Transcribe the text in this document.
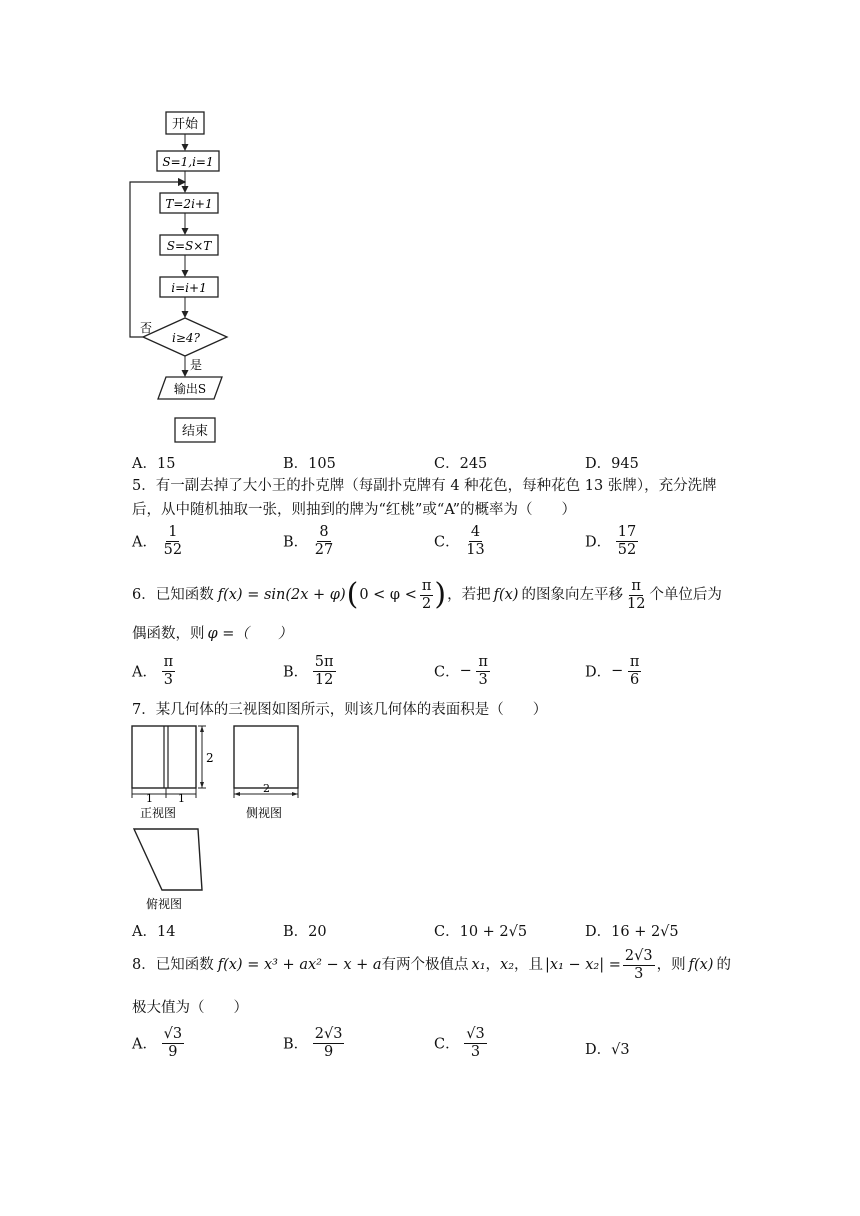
开始
S=1,i=1
T=2i+1
S=S×T
i=i+1
i≥4?
否
是
输出S
结束
A．15	B．105	C．245	D．945
5．有一副去掉了大小王的扑克牌（每副扑克牌有 4 种花色，每种花色 13 张牌），充分洗牌
后，从中随机抽取一张，则抽到的牌为“红桃”或“A”的概率为（　　）
A． $\frac{1}{52}$	B． $\frac{8}{27}$	C． $\frac{4}{13}$	D． $\frac{17}{52}$
6．已知函数 f(x) = sin(2x + φ) ( $0 < \varphi < \frac{\pi}{2}$ ) ，若把 f(x) 的图象向左平移 $\frac{\pi}{12}$ 个单位后为
偶函数，则 φ =（　　）
A． $\frac{\pi}{3}$	B． $\frac{5\pi}{12}$	C．− $\frac{\pi}{3}$	D．− $\frac{\pi}{6}$
7．某几何体的三视图如图所示，则该几何体的表面积是（　　）
2
1 1
正视图
2
侧视图
俯视图
A．14	B．20	C．10 + 2√5	D．16 + 2√5
8．已知函数 f(x) = x³ + ax² − x + a 有两个极值点 x₁ ， x₂ ，且 $|x_1 - x_2| = \frac{2√3}{3}$ ，则 f(x) 的
极大值为（　　）
A． $\frac{√3}{9}$	B． $\frac{2√3}{9}$	C． $\frac{√3}{3}$	D．√3
